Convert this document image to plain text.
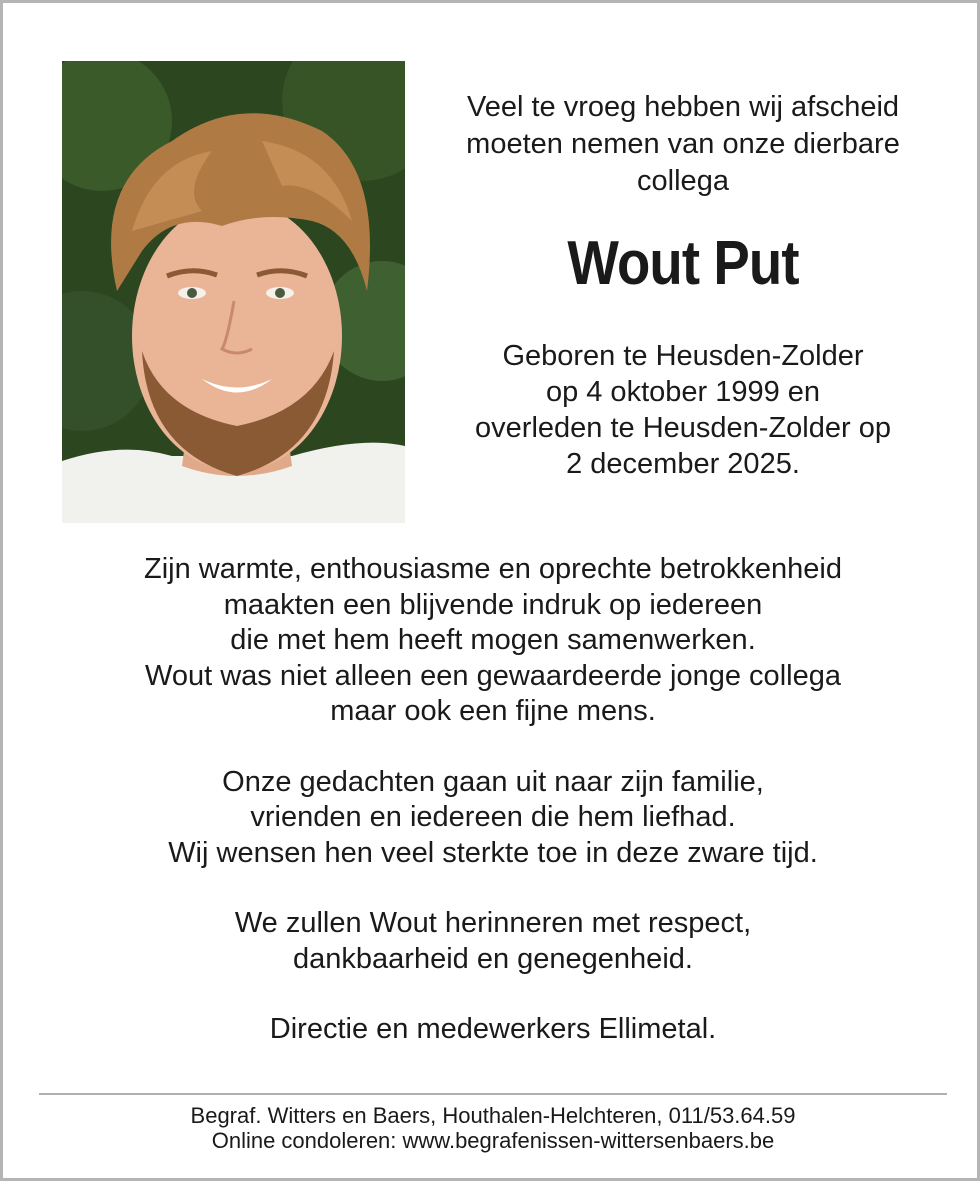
Veel te vroeg hebben wij afscheid

moeten nemen van onze dierbare

collega

Wout Put

Geboren te Heusden-Zolder

op 4 oktober 1999 en

overleden te Heusden-Zolder op

2 december 2025.

Zijn warmte, enthousiasme en oprechte betrokkenheid

maakten een blijvende indruk op iedereen

die met hem heeft mogen samenwerken.

Wout was niet alleen een gewaardeerde jonge collega

maar ook een fijne mens.

Onze gedachten gaan uit naar zijn familie,

vrienden en iedereen die hem liefhad.

Wij wensen hen veel sterkte toe in deze zware tijd.

We zullen Wout herinneren met respect,

dankbaarheid en genegenheid.

Directie en medewerkers Ellimetal.

Begraf. Witters en Baers, Houthalen-Helchteren, 011/53.64.59

Online condoleren: www.begrafenissen-wittersenbaers.be
